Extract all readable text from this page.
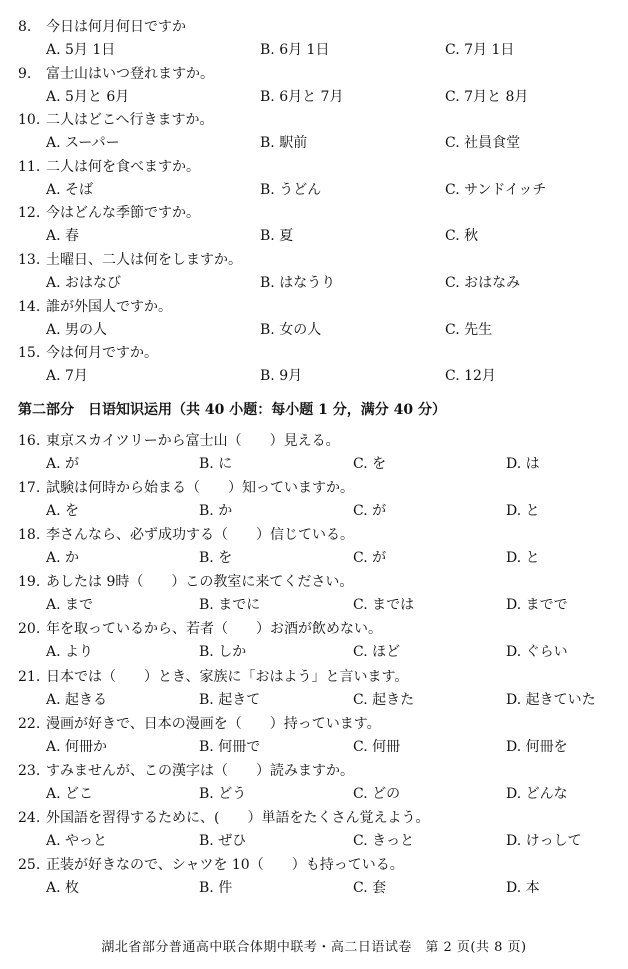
8. 今日は何月何日ですか
A. 5月 1日	B. 6月 1日	C. 7月 1日
9. 富士山はいつ登れますか。
A. 5月と 6月	B. 6月と 7月	C. 7月と 8月
10. 二人はどこへ行きますか。
A. スーパー	B. 駅前	C. 社員食堂
11. 二人は何を食べますか。
A. そば	B. うどん	C. サンドイッチ
12. 今はどんな季節ですか。
A. 春	B. 夏	C. 秋
13. 土曜日、二人は何をしますか。
A. おはなび	B. はなうり	C. おはなみ
14. 誰が外国人ですか。
A. 男の人	B. 女の人	C. 先生
15. 今は何月ですか。
A. 7月	B. 9月	C. 12月
第二部分　日语知识运用（共 40 小题：每小题 1 分，满分 40 分）
16. 東京スカイツリーから富士山（　　）見える。
A. が	B. に	C. を	D. は
17. 試験は何時から始まる（　　）知っていますか。
A. を	B. か	C. が	D. と
18. 李さんなら、必ず成功する（　　）信じている。
A. か	B. を	C. が	D. と
19. あしたは 9時（　　）この教室に来てください。
A. まで	B. までに	C. までは	D. までで
20. 年を取っているから、若者（　　）お酒が飲めない。
A. より	B. しか	C. ほど	D. ぐらい
21. 日本では（　　）とき、家族に「おはよう」と言います。
A. 起きる	B. 起きて	C. 起きた	D. 起きていた
22. 漫画が好きで、日本の漫画を（　　）持っています。
A. 何冊か	B. 何冊で	C. 何冊	D. 何冊を
23. すみませんが、この漢字は（　　）読みますか。
A. どこ	B. どう	C. どの	D. どんな
24. 外国語を習得するために、(　　）単語をたくさん覚えよう。
A. やっと	B. ぜひ	C. きっと	D. けっして
25. 正装が好きなので、シャツを 10（　　）も持っている。
A. 枚	B. 件	C. 套	D. 本
湖北省部分普通高中联合体期中联考・高二日语试卷　第 2 页(共 8 页)
